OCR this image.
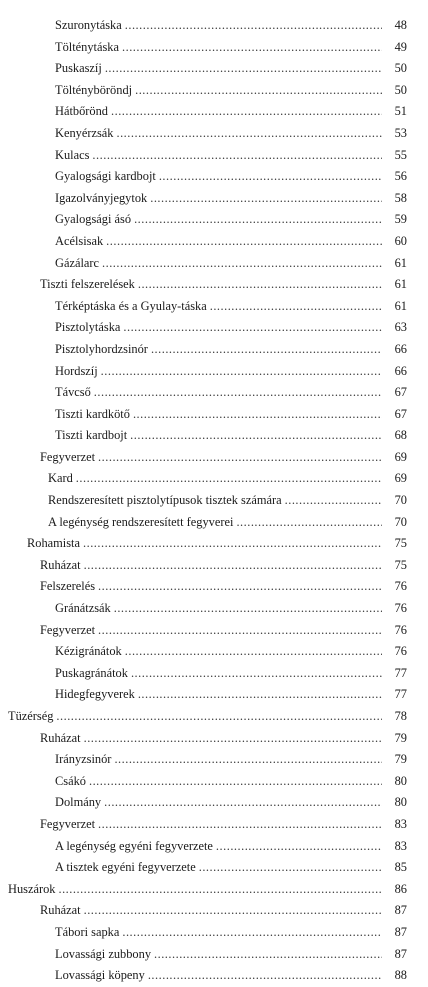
Szuronytáska .....	48
Tölténytáska .....	49
Puskaszíj .....	50
Töltényböröndj .....	50
Hátbőrönd .....	51
Kenyérzsák .....	53
Kulacs .....	55
Gyalogsági kardbojt .....	56
Igazolványjegytok .....	58
Gyalogsági ásó .....	59
Acélsisak .....	60
Gázálarc .....	61
Tiszti felszerelések .....	61
Térképtáska és a Gyulay-táska .....	61
Pisztolytáska .....	63
Pisztolyhordzsinór .....	66
Hordszíj .....	66
Távcső .....	67
Tiszti kardkötő .....	67
Tiszti kardbojt .....	68
Fegyverzet .....	69
Kard .....	69
Rendszeresített pisztolytípusok tisztek számára .....	70
A legénység rendszeresített fegyverei .....	70
Rohamista .....	75
Ruházat .....	75
Felszerelés .....	76
Gránátzsák .....	76
Fegyverzet .....	76
Kézigránátok .....	76
Puskagránátok .....	77
Hidegfegyverek .....	77
Tüzérség .....	78
Ruházat .....	79
Irányzsinór .....	79
Csákó .....	80
Dolmány .....	80
Fegyverzet .....	83
A legénység egyéni fegyverzete .....	83
A tisztek egyéni fegyverzete .....	85
Huszárok .....	86
Ruházat .....	87
Tábori sapka .....	87
Lovassági zubbony .....	87
Lovassági köpeny .....	88
